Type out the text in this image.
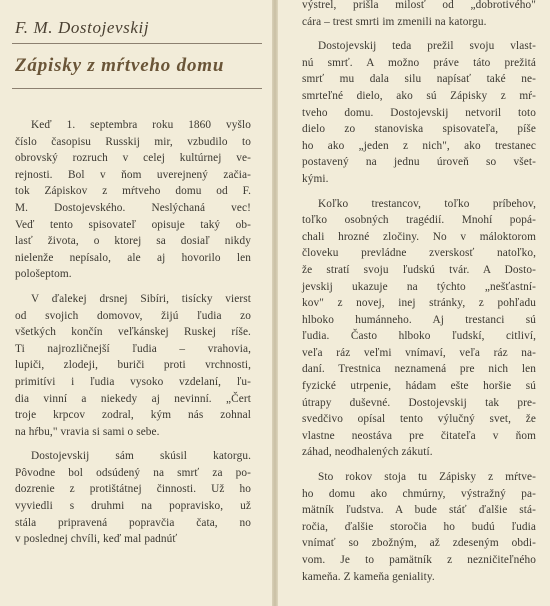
F. M. Dostojevskij
Zápisky z mŕtveho domu

Keď 1. septembra roku 1860 vyšlo
číslo časopisu Russkij mir, vzbudilo to
obrovský rozruch v celej kultúrnej ve-
rejnosti. Bol v ňom uverejnený začia-
tok Zápiskov z mŕtveho domu od F.
M. Dostojevského. Neslýchaná vec!
Veď tento spisovateľ opisuje taký ob-
lasť života, o ktorej sa dosiaľ nikdy
nielenže nepísalo, ale aj hovorilo len
pološeptom.

V ďalekej drsnej Sibíri, tisícky vierst
od svojich domovov, žijú ľudia zo
všetkých končín veľkánskej Ruskej ríše.
Ti najrozličnejší ľudia – vrahovia,
lupiči, zlodeji, buriči proti vrchnosti,
primitívi i ľudia vysoko vzdelaní, ľu-
dia vinní a niekedy aj nevinní. „Čert
troje krpcov zodral, kým nás zohnal
na hŕbu," vravia si sami o sebe.

Dostojevskij sám skúsil katorgu.
Pôvodne bol odsúdený na smrť za po-
dozrenie z protištátnej činnosti. Už ho
vyviedli s druhmi na popravisko, už
stála pripravená popravčia čata, no
v poslednej chvíli, keď mal padnúť

výstrel, prišla milosť od „dobrotivého"
cára – trest smrti im zmenili na katorgu.

Dostojevskij teda prežil svoju vlast-
nú smrť. A možno práve táto prežitá
smrť mu dala silu napísať také ne-
smrteľné dielo, ako sú Zápisky z mŕ-
tveho domu. Dostojevskij netvoril toto
dielo zo stanoviska spisovateľa, píše
ho ako „jeden z nich", ako trestanec
postavený na jednu úroveň so všet-
kými.

Koľko trestancov, toľko príbehov,
toľko osobných tragédií. Mnohí popá-
chali hrozné zločiny. No v máloktorom
človeku prevládne zverskosť natoľko,
že stratí svoju ľudskú tvár. A Dosto-
jevskij ukazuje na týchto „nešťastní-
kov" z novej, inej stránky, z pohľadu
hlboko humánneho. Aj trestanci sú
ľudia. Často hlboko ľudskí, citliví,
veľa ráz veľmi vnímaví, veľa ráz na-
daní. Trestnica neznamená pre nich len
fyzické utrpenie, hádam ešte horšie sú
útrapy duševné. Dostojevskij tak pre-
svedčivo opísal tento výlučný svet, že
vlastne neostáva pre čitateľa v ňom
záhad, neodhalených zákutí.

Sto rokov stoja tu Zápisky z mŕtve-
ho domu ako chmúrny, výstražný pa-
mätník ľudstva. A bude stáť ďalšie stá-
ročia, ďalšie storočia ho budú ľudia
vnímať so zbožným, až zdeseným obdi-
vom. Je to pamätník z nezničiteľného
kameňa. Z kameňa geniality.
